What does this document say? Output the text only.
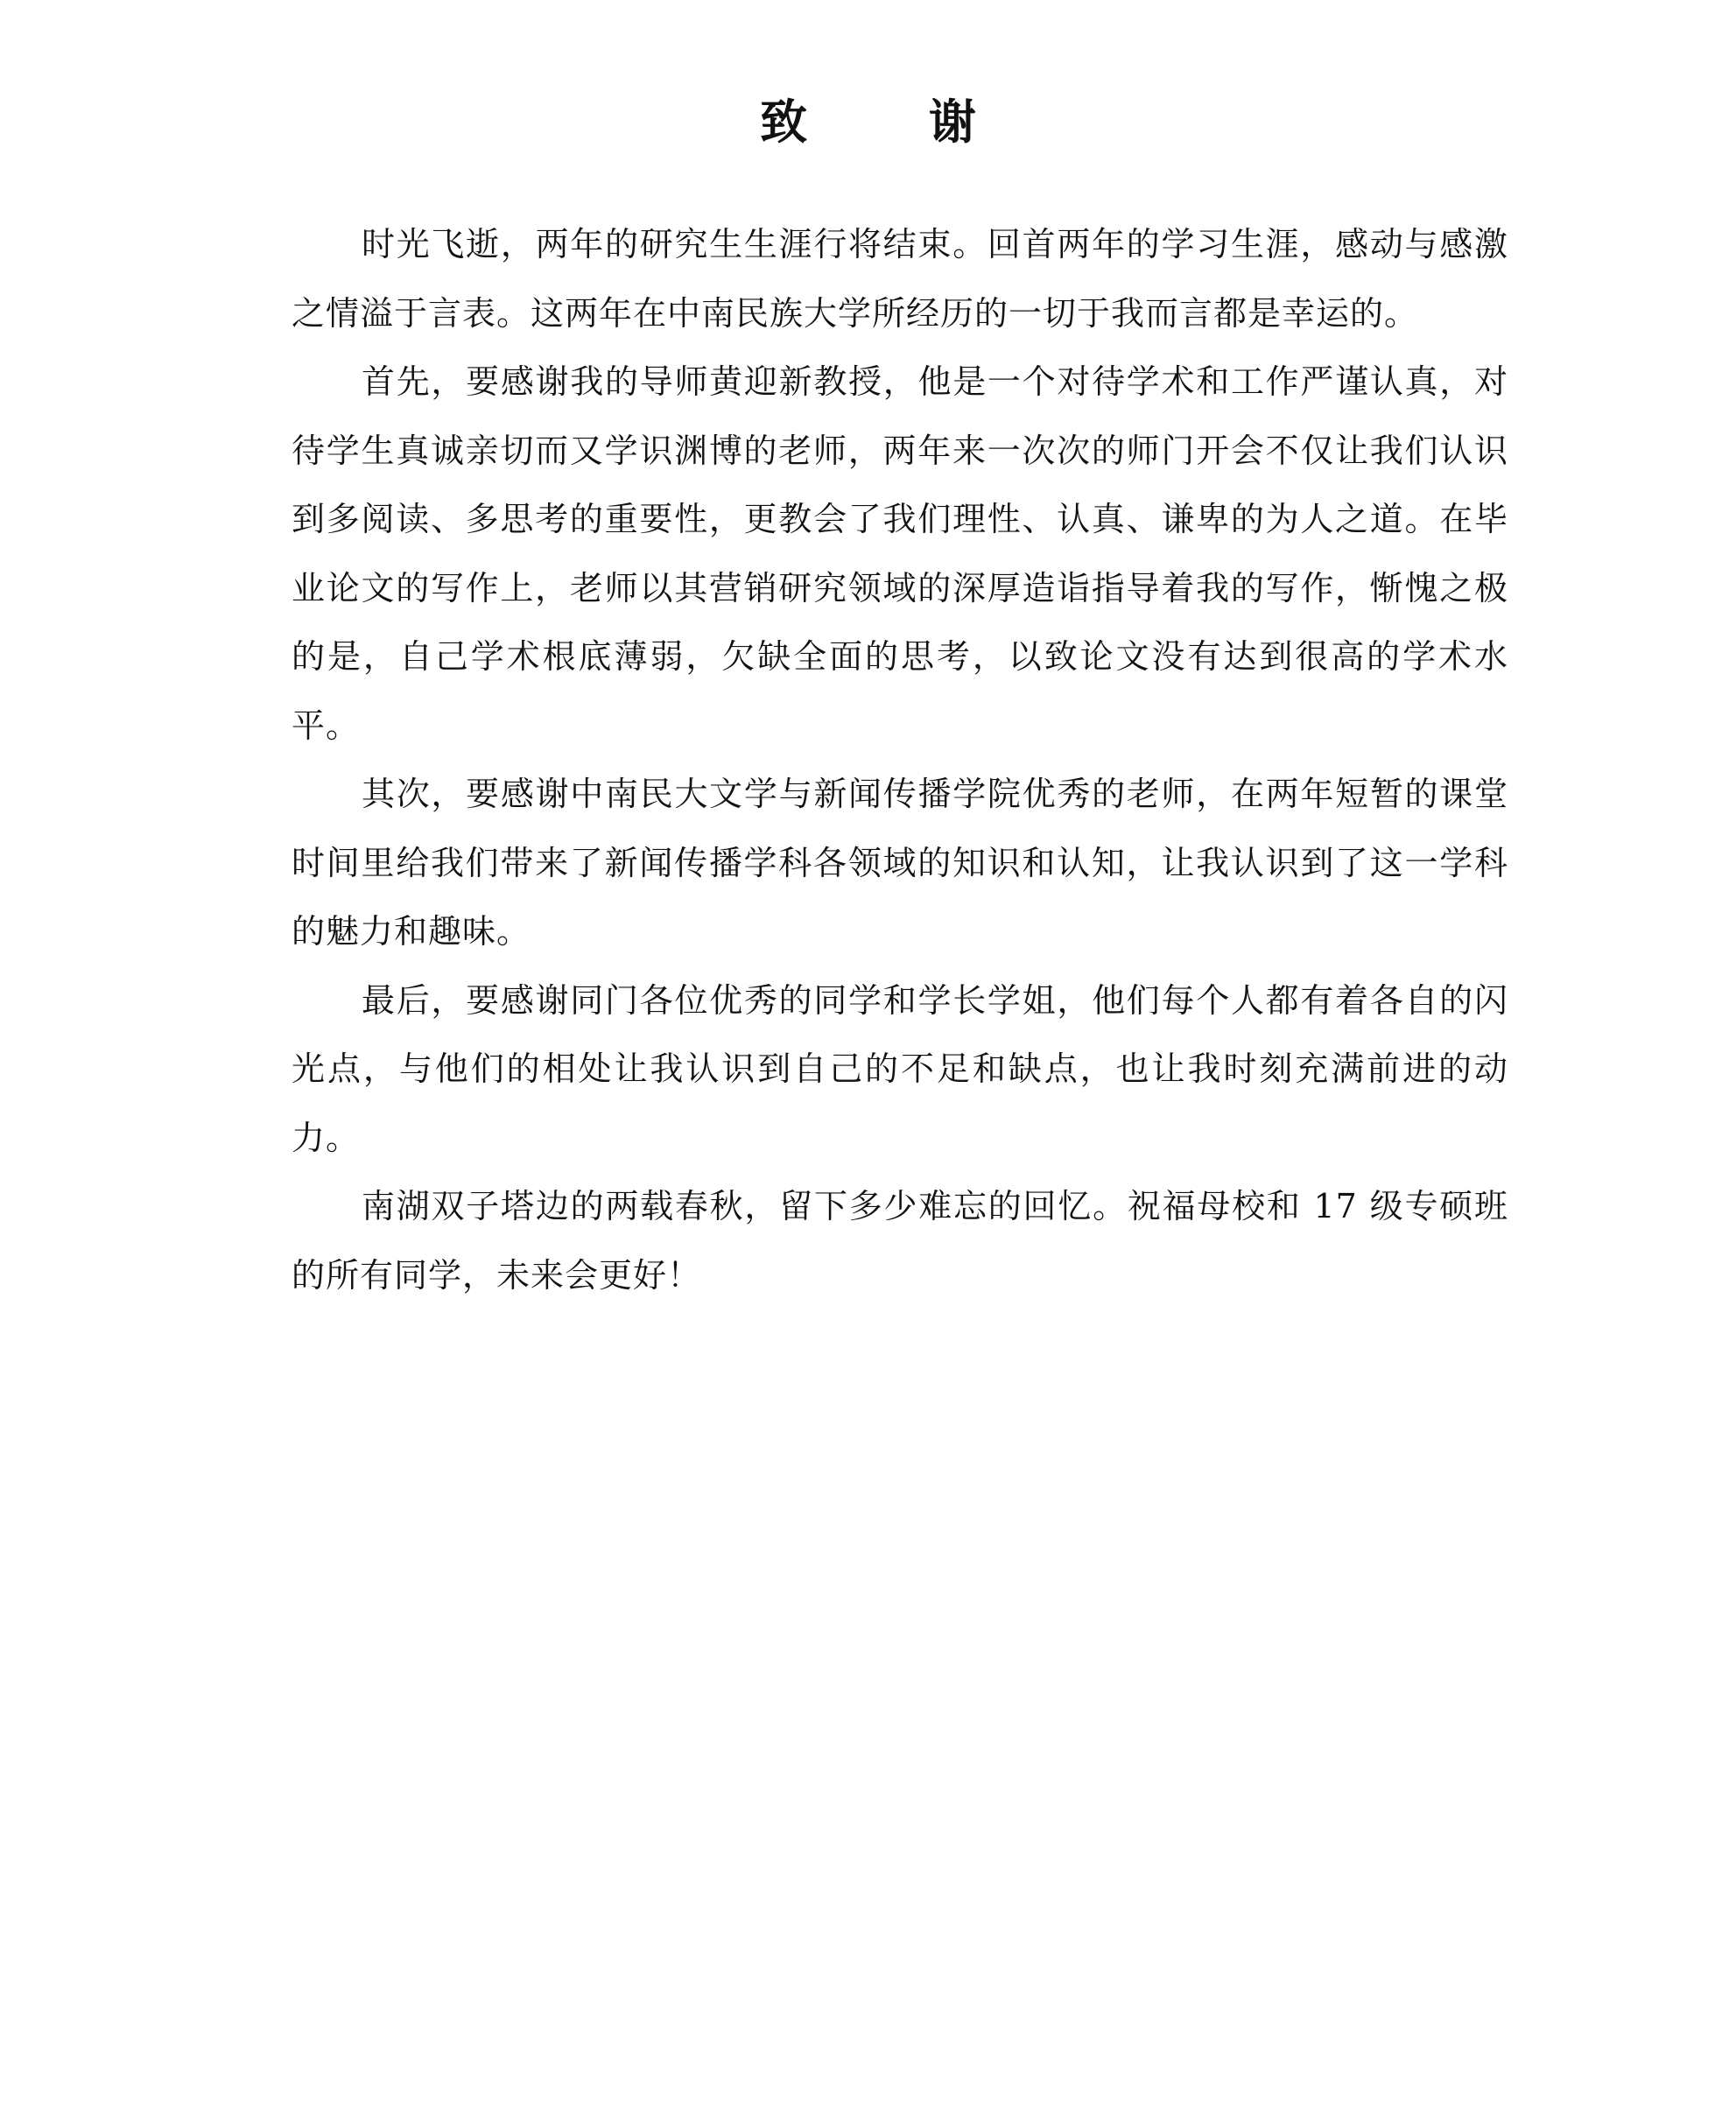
致 谢

时光飞逝，两年的研究生生涯行将结束。回首两年的学习生涯，感动与感激之情溢于言表。这两年在中南民族大学所经历的一切于我而言都是幸运的。

首先，要感谢我的导师黄迎新教授，他是一个对待学术和工作严谨认真，对待学生真诚亲切而又学识渊博的老师，两年来一次次的师门开会不仅让我们认识到多阅读、多思考的重要性，更教会了我们理性、认真、谦卑的为人之道。在毕业论文的写作上，老师以其营销研究领域的深厚造诣指导着我的写作，惭愧之极的是，自己学术根底薄弱，欠缺全面的思考，以致论文没有达到很高的学术水平。

其次，要感谢中南民大文学与新闻传播学院优秀的老师，在两年短暂的课堂时间里给我们带来了新闻传播学科各领域的知识和认知，让我认识到了这一学科的魅力和趣味。

最后，要感谢同门各位优秀的同学和学长学姐，他们每个人都有着各自的闪光点，与他们的相处让我认识到自己的不足和缺点，也让我时刻充满前进的动力。

南湖双子塔边的两载春秋，留下多少难忘的回忆。祝福母校和 17 级专硕班的所有同学，未来会更好！
